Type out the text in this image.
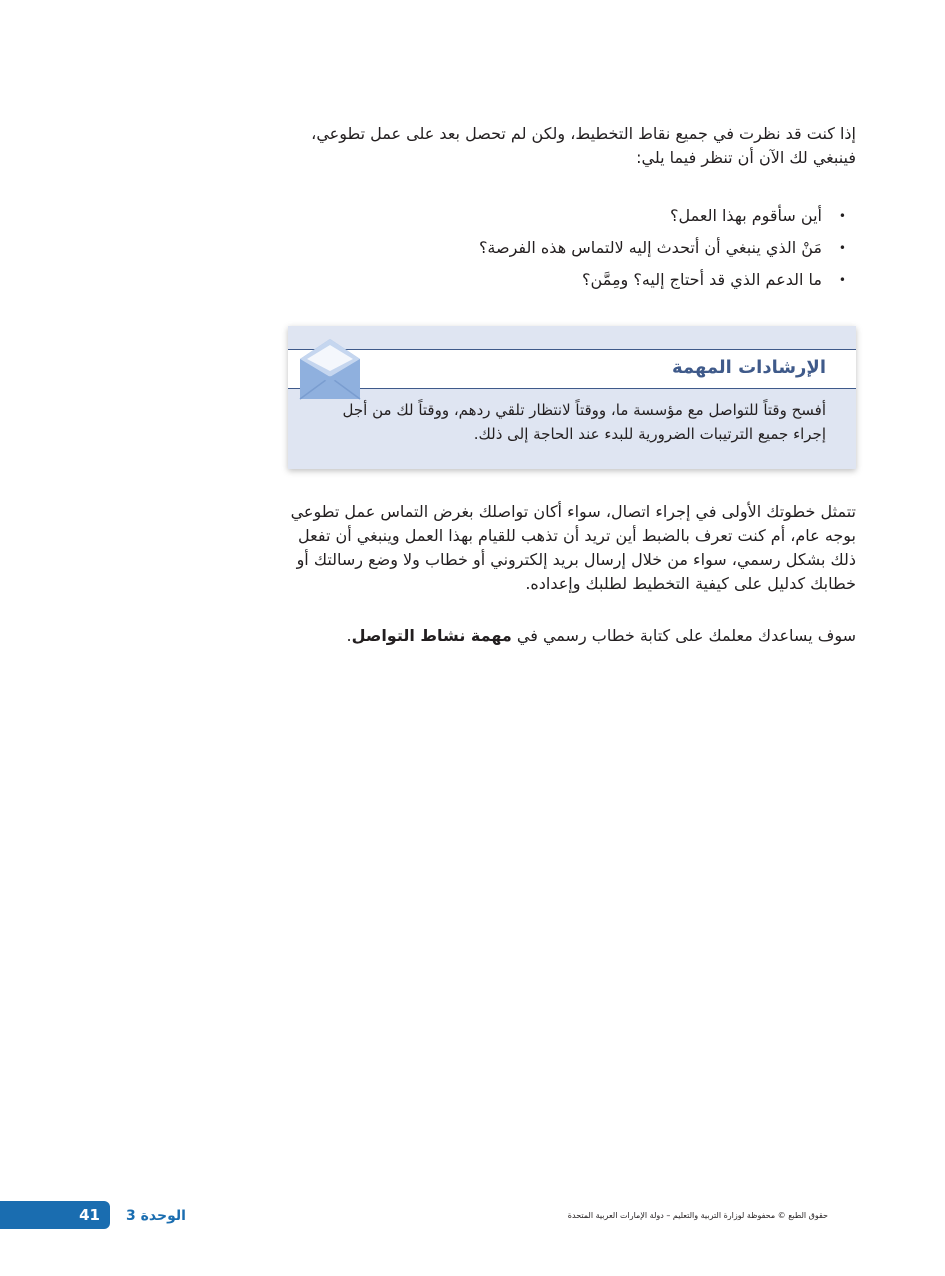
إذا كنت قد نظرت في جميع نقاط التخطيط، ولكن لم تحصل بعد على عمل تطوعي، فينبغي لك الآن أن تنظر فيما يلي:

•
أين سأقوم بهذا العمل؟
•
مَنْ الذي ينبغي أن أتحدث إليه لالتماس هذه الفرصة؟
•
ما الدعم الذي قد أحتاج إليه؟ ومِمَّن؟
الإرشادات المهمة
أفسح وقتاً للتواصل مع مؤسسة ما، ووقتاً لانتظار تلقي ردهم، ووقتاً لك من أجل إجراء جميع الترتيبات الضرورية للبدء عند الحاجة إلى ذلك.

تتمثل خطوتك الأولى في إجراء اتصال، سواء أكان تواصلك بغرض التماس عمل تطوعي بوجه عام، أم كنت تعرف بالضبط أين تريد أن تذهب للقيام بهذا العمل وينبغي أن تفعل ذلك بشكل رسمي، سواء من خلال إرسال بريد إلكتروني أو خطاب ولا وضع رسالتك أو خطابك كدليل على كيفية التخطيط لطلبك وإعداده.

سوف يساعدك معلمك على كتابة خطاب رسمي في مهمة نشاط التواصل.

41 الوحدة 3	حقوق الطبع © محفوظة لوزارة التربية والتعليم – دولة الإمارات العربية المتحدة
